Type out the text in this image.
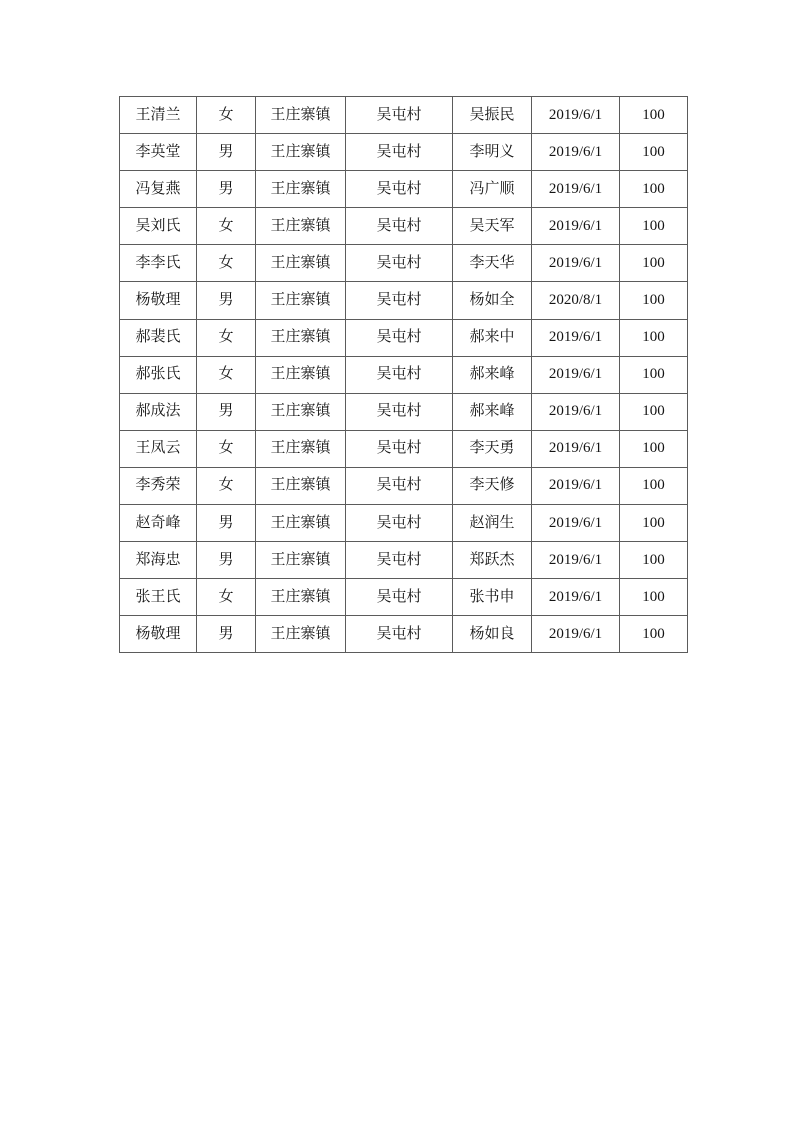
王清兰	女	王庄寨镇	吴屯村	吴振民	2019/6/1	100
李英堂	男	王庄寨镇	吴屯村	李明义	2019/6/1	100
冯复燕	男	王庄寨镇	吴屯村	冯广顺	2019/6/1	100
吴刘氏	女	王庄寨镇	吴屯村	吴天军	2019/6/1	100
李李氏	女	王庄寨镇	吴屯村	李天华	2019/6/1	100
杨敬理	男	王庄寨镇	吴屯村	杨如全	2020/8/1	100
郝裴氏	女	王庄寨镇	吴屯村	郝来中	2019/6/1	100
郝张氏	女	王庄寨镇	吴屯村	郝来峰	2019/6/1	100
郝成法	男	王庄寨镇	吴屯村	郝来峰	2019/6/1	100
王凤云	女	王庄寨镇	吴屯村	李天勇	2019/6/1	100
李秀荣	女	王庄寨镇	吴屯村	李天修	2019/6/1	100
赵奇峰	男	王庄寨镇	吴屯村	赵润生	2019/6/1	100
郑海忠	男	王庄寨镇	吴屯村	郑跃杰	2019/6/1	100
张王氏	女	王庄寨镇	吴屯村	张书申	2019/6/1	100
杨敬理	男	王庄寨镇	吴屯村	杨如良	2019/6/1	100
